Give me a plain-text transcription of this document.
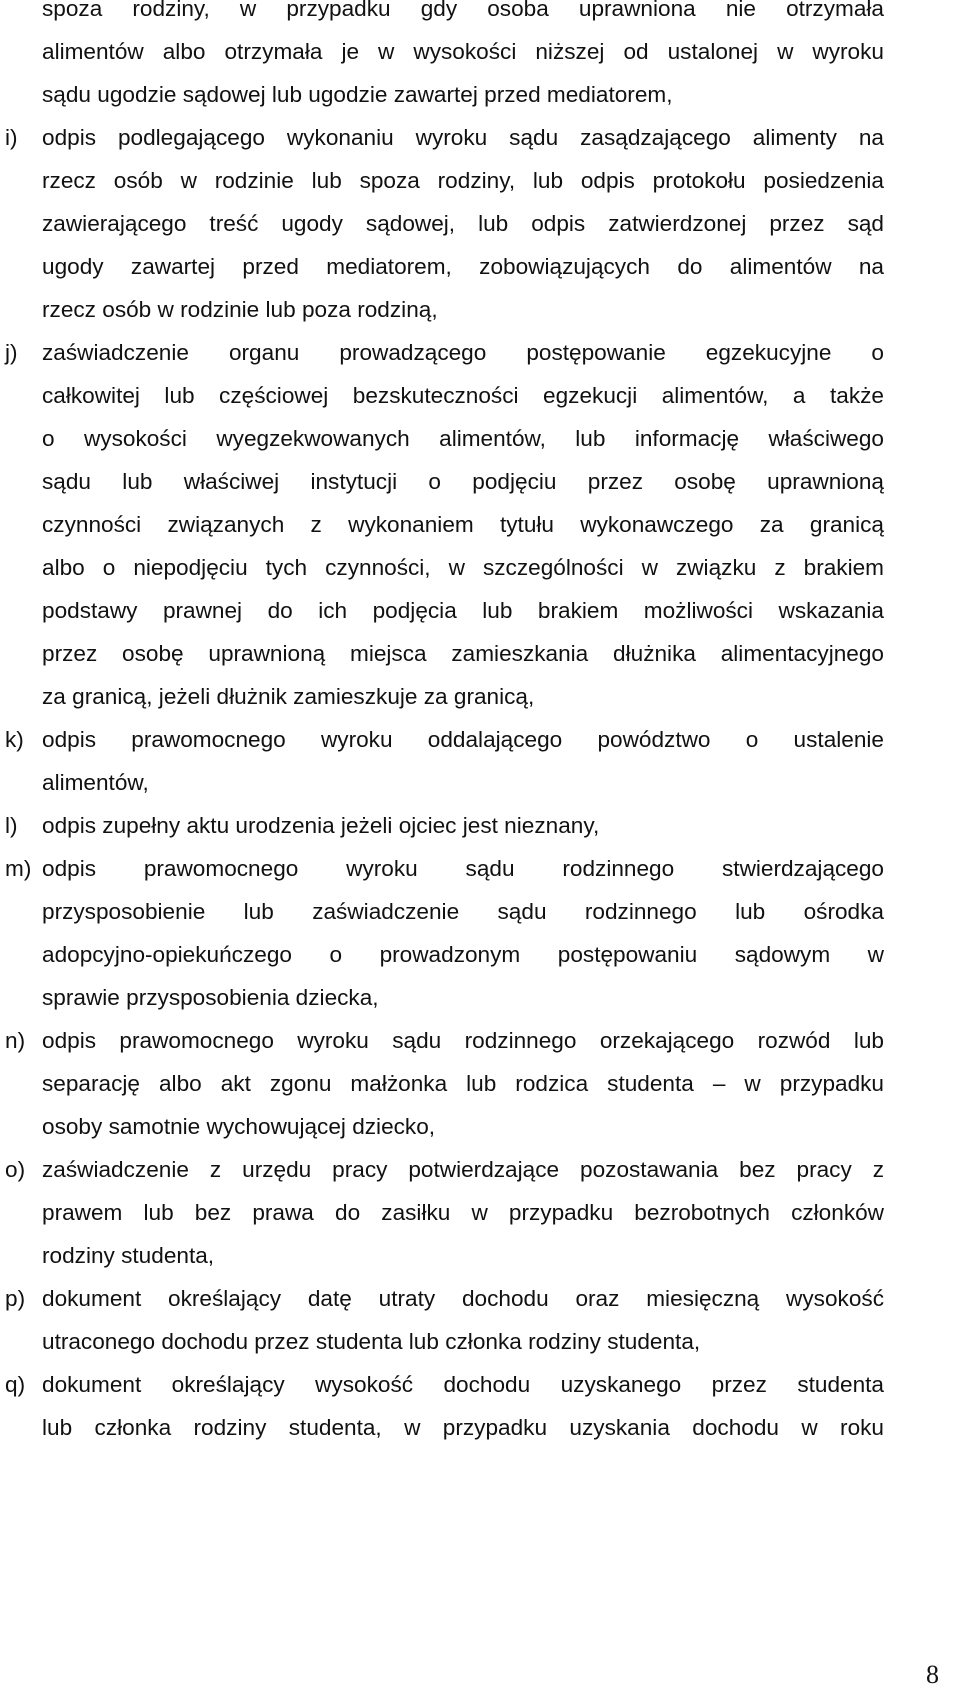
spoza rodziny, w przypadku gdy osoba uprawniona nie otrzymała
alimentów albo otrzymała je w wysokości niższej od ustalonej w wyroku
sądu ugodzie sądowej lub ugodzie zawartej przed mediatorem,
i) odpis podlegającego wykonaniu wyroku sądu zasądzającego alimenty na
rzecz osób w rodzinie lub spoza rodziny, lub odpis protokołu posiedzenia
zawierającego treść ugody sądowej, lub odpis zatwierdzonej przez sąd
ugody zawartej przed mediatorem, zobowiązujących do alimentów na
rzecz osób w rodzinie lub poza rodziną,
j) zaświadczenie organu prowadzącego postępowanie egzekucyjne o
całkowitej lub częściowej bezskuteczności egzekucji alimentów, a także
o wysokości wyegzekwowanych alimentów, lub informację właściwego
sądu lub właściwej instytucji o podjęciu przez osobę uprawnioną
czynności związanych z wykonaniem tytułu wykonawczego za granicą
albo o niepodjęciu tych czynności, w szczególności w związku z brakiem
podstawy prawnej do ich podjęcia lub brakiem możliwości wskazania
przez osobę uprawnioną miejsca zamieszkania dłużnika alimentacyjnego
za granicą, jeżeli dłużnik zamieszkuje za granicą,
k) odpis prawomocnego wyroku oddalającego powództwo o ustalenie
alimentów,
l) odpis zupełny aktu urodzenia jeżeli ojciec jest nieznany,
m) odpis prawomocnego wyroku sądu rodzinnego stwierdzającego
przysposobienie lub zaświadczenie sądu rodzinnego lub ośrodka
adopcyjno-opiekuńczego o prowadzonym postępowaniu sądowym w
sprawie przysposobienia dziecka,
n) odpis prawomocnego wyroku sądu rodzinnego orzekającego rozwód lub
separację albo akt zgonu małżonka lub rodzica studenta – w przypadku
osoby samotnie wychowującej dziecko,
o) zaświadczenie z urzędu pracy potwierdzające pozostawania bez pracy z
prawem lub bez prawa do zasiłku w przypadku bezrobotnych członków
rodziny studenta,
p) dokument określający datę utraty dochodu oraz miesięczną wysokość
utraconego dochodu przez studenta lub członka rodziny studenta,
q) dokument określający wysokość dochodu uzyskanego przez studenta
lub członka rodziny studenta, w przypadku uzyskania dochodu w roku
8
